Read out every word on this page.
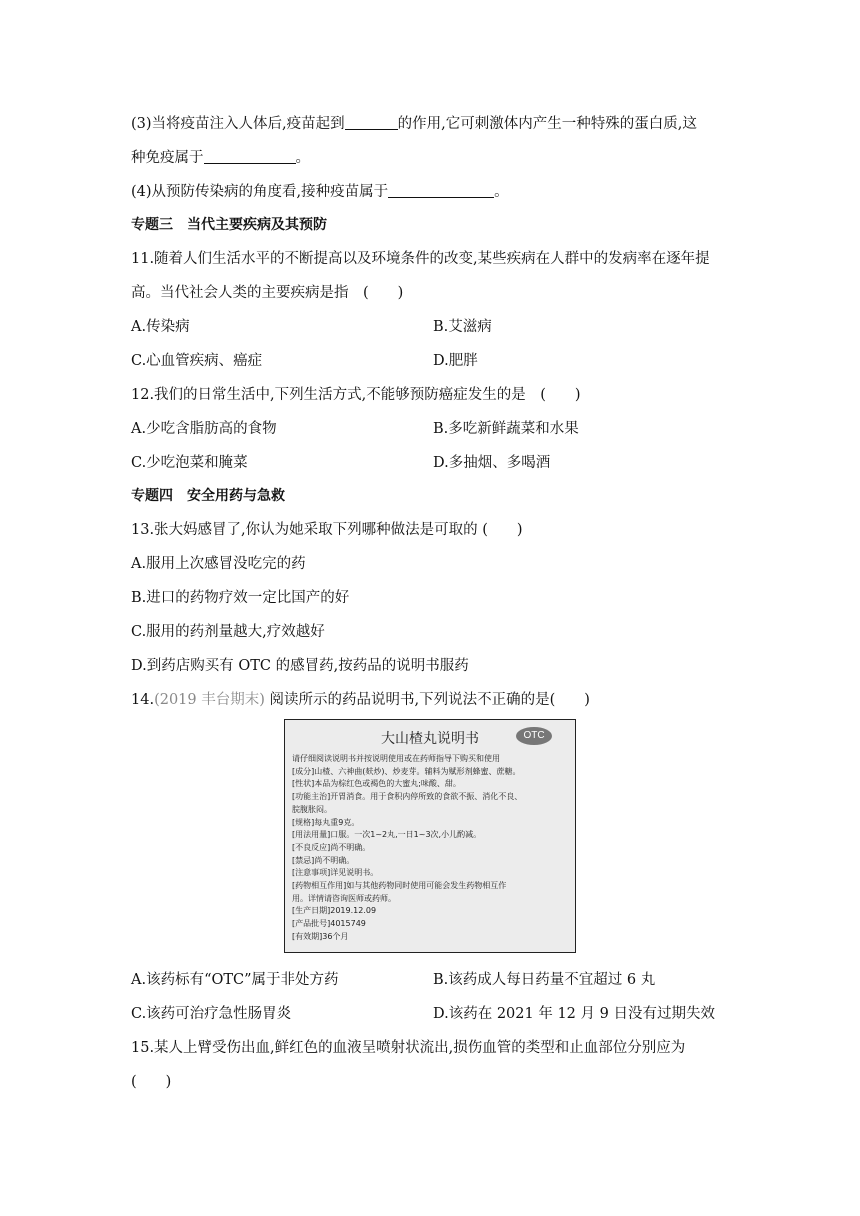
(3)当将疫苗注入人体后,疫苗起到	的作用,它可刺激体内产生一种特殊的蛋白质,这
种免疫属于	。
(4)从预防传染病的角度看,接种疫苗属于	。
专题三　当代主要疾病及其预防
11.随着人们生活水平的不断提高以及环境条件的改变,某些疾病在人群中的发病率在逐年提
高。当代社会人类的主要疾病是指　(　　)
A.传染病	B.艾滋病
C.心血管疾病、癌症	D.肥胖
12.我们的日常生活中,下列生活方式,不能够预防癌症发生的是　(　　)
A.少吃含脂肪高的食物	B.多吃新鲜蔬菜和水果
C.少吃泡菜和腌菜	D.多抽烟、多喝酒
专题四　安全用药与急救
13.张大妈感冒了,你认为她采取下列哪种做法是可取的 (　　)
A.服用上次感冒没吃完的药
B.进口的药物疗效一定比国产的好
C.服用的药剂量越大,疗效越好
D.到药店购买有 OTC 的感冒药,按药品的说明书服药
14.(2019 丰台期末) 阅读所示的药品说明书,下列说法不正确的是(　　)
大山楂丸说明书	OTC
请仔细阅读说明书并按说明使用或在药师指导下购买和使用
[成分]山楂、六神曲(麸炒)、炒麦芽。辅料为赋形剂蜂蜜、蔗糖。
[性状]本品为棕红色或褐色的大蜜丸;味酸、甜。
[功能主治]开胃消食。用于食积内停所致的食欲不振、消化不良、
脘腹胀闷。
[规格]每丸重9克。
[用法用量]口服。一次1~2丸,一日1~3次,小儿酌减。
[不良反应]尚不明确。
[禁忌]尚不明确。
[注意事项]详见说明书。
[药物相互作用]如与其他药物同时使用可能会发生药物相互作
用。详情请咨询医师或药师。
[生产日期]2019.12.09
[产品批号]4015749
[有效期]36个月
A.该药标有“OTC”属于非处方药	B.该药成人每日药量不宜超过 6 丸
C.该药可治疗急性肠胃炎	D.该药在 2021 年 12 月 9 日没有过期失效
15.某人上臂受伤出血,鲜红色的血液呈喷射状流出,损伤血管的类型和止血部位分别应为
(　　)
